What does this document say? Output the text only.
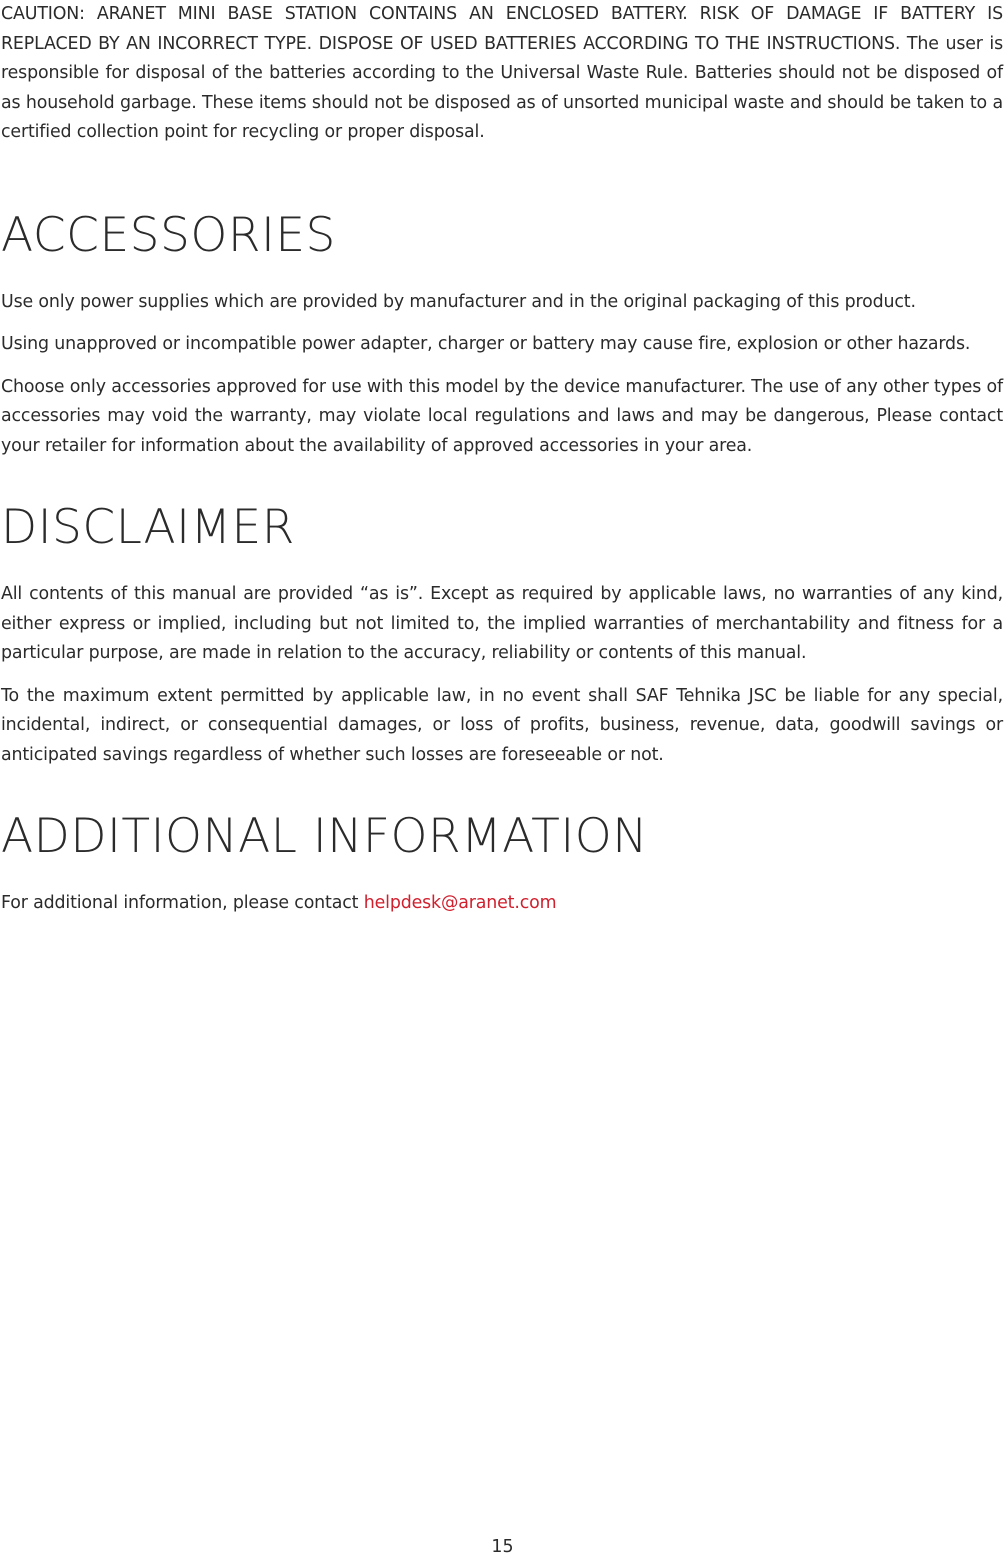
CAUTION: ARANET MINI BASE STATION CONTAINS AN ENCLOSED BATTERY. RISK OF DAMAGE IF BATTERY IS REPLACED BY AN INCORRECT TYPE. DISPOSE OF USED BATTERIES ACCORDING TO THE INSTRUCTIONS. The user is responsible for disposal of the batteries according to the Universal Waste Rule. Batteries should not be disposed of as household garbage. These items should not be disposed as of unsorted municipal waste and should be taken to a certified collection point for recycling or proper disposal.

ACCESSORIES

Use only power supplies which are provided by manufacturer and in the original packaging of this product.

Using unapproved or incompatible power adapter, charger or battery may cause fire, explosion or other hazards.

Choose only accessories approved for use with this model by the device manufacturer. The use of any other types of accessories may void the warranty, may violate local regulations and laws and may be dangerous, Please contact your retailer for information about the availability of approved accessories in your area.

DISCLAIMER

All contents of this manual are provided “as is”. Except as required by applicable laws, no warranties of any kind, either express or implied, including but not limited to, the implied warranties of merchantability and fitness for a particular purpose, are made in relation to the accuracy, reliability or contents of this manual.

To the maximum extent permitted by applicable law, in no event shall SAF Tehnika JSC be liable for any special, incidental, indirect, or consequential damages, or loss of profits, business, revenue, data, goodwill savings or anticipated savings regardless of whether such losses are foreseeable or not.

ADDITIONAL INFORMATION

For additional information, please contact helpdesk@aranet.com

15
